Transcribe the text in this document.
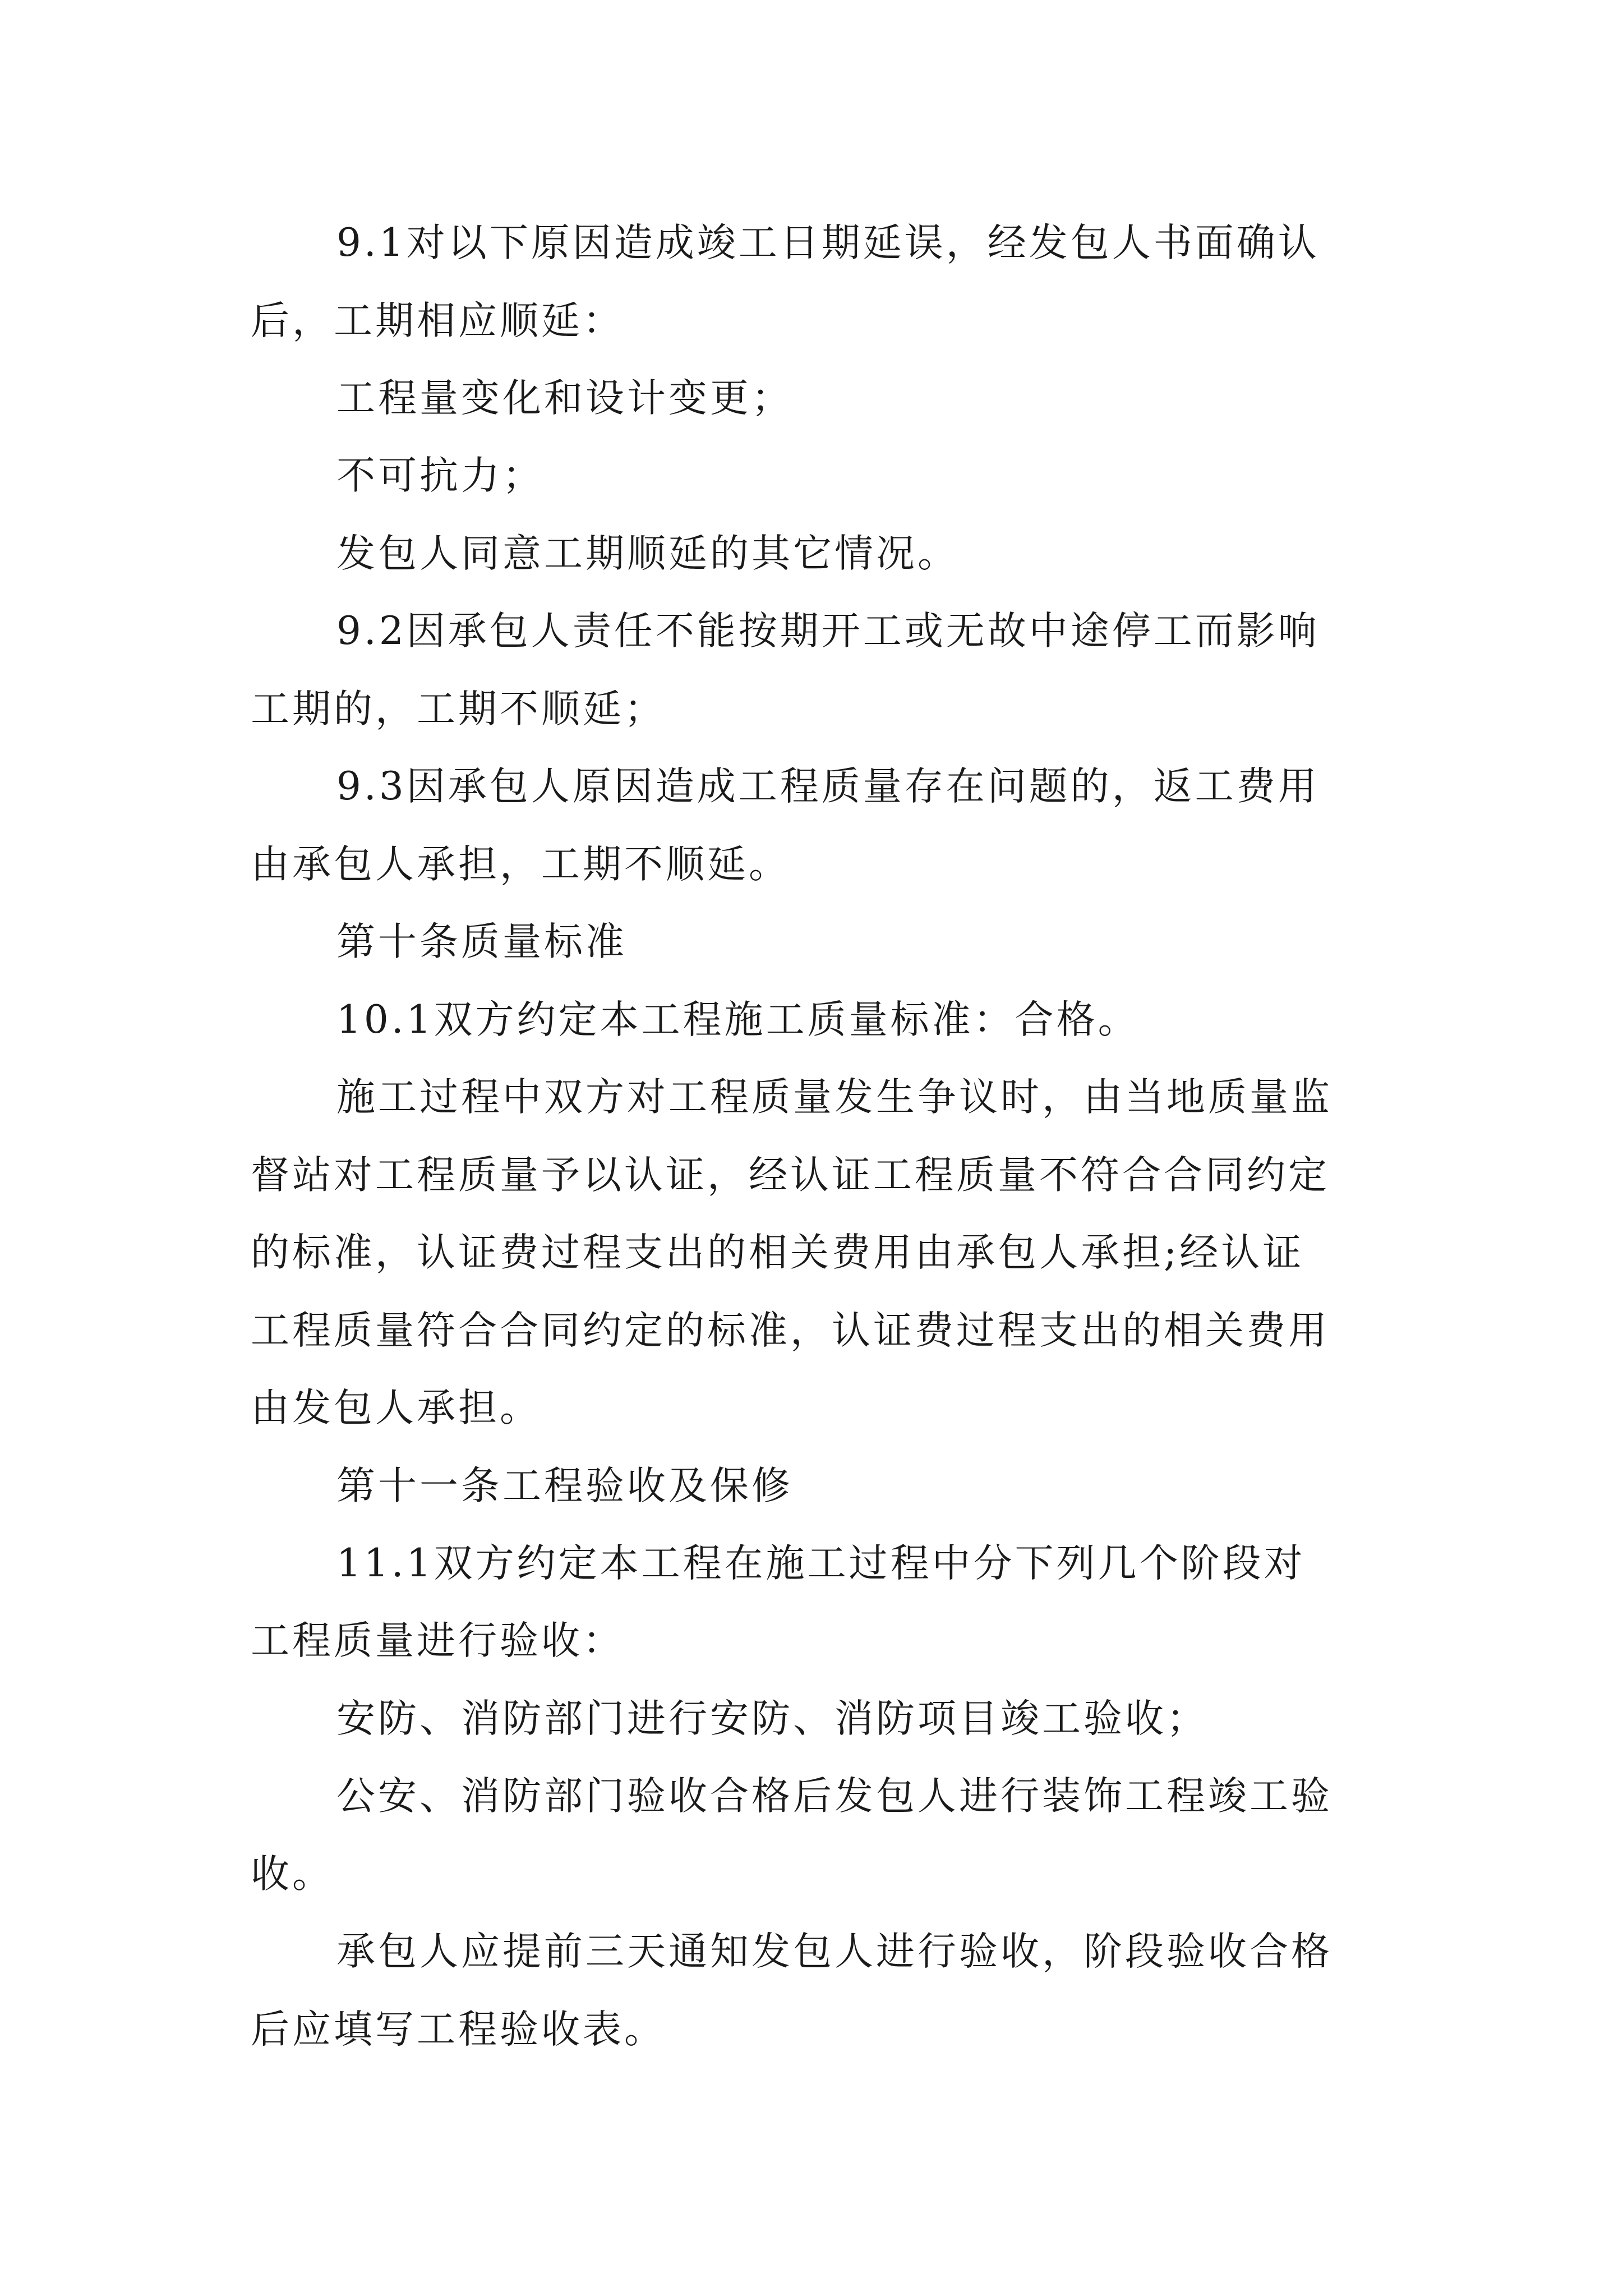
9.1对以下原因造成竣工日期延误，经发包人书面确认
后，工期相应顺延：
工程量变化和设计变更；
不可抗力；
发包人同意工期顺延的其它情况。
9.2因承包人责任不能按期开工或无故中途停工而影响
工期的，工期不顺延；
9.3因承包人原因造成工程质量存在问题的，返工费用
由承包人承担，工期不顺延。
第十条质量标准
10.1双方约定本工程施工质量标准：合格。
施工过程中双方对工程质量发生争议时，由当地质量监
督站对工程质量予以认证，经认证工程质量不符合合同约定
的标准，认证费过程支出的相关费用由承包人承担;经认证
工程质量符合合同约定的标准，认证费过程支出的相关费用
由发包人承担。
第十一条工程验收及保修
11.1双方约定本工程在施工过程中分下列几个阶段对
工程质量进行验收：
安防、消防部门进行安防、消防项目竣工验收；
公安、消防部门验收合格后发包人进行装饰工程竣工验
收。
承包人应提前三天通知发包人进行验收，阶段验收合格
后应填写工程验收表。
